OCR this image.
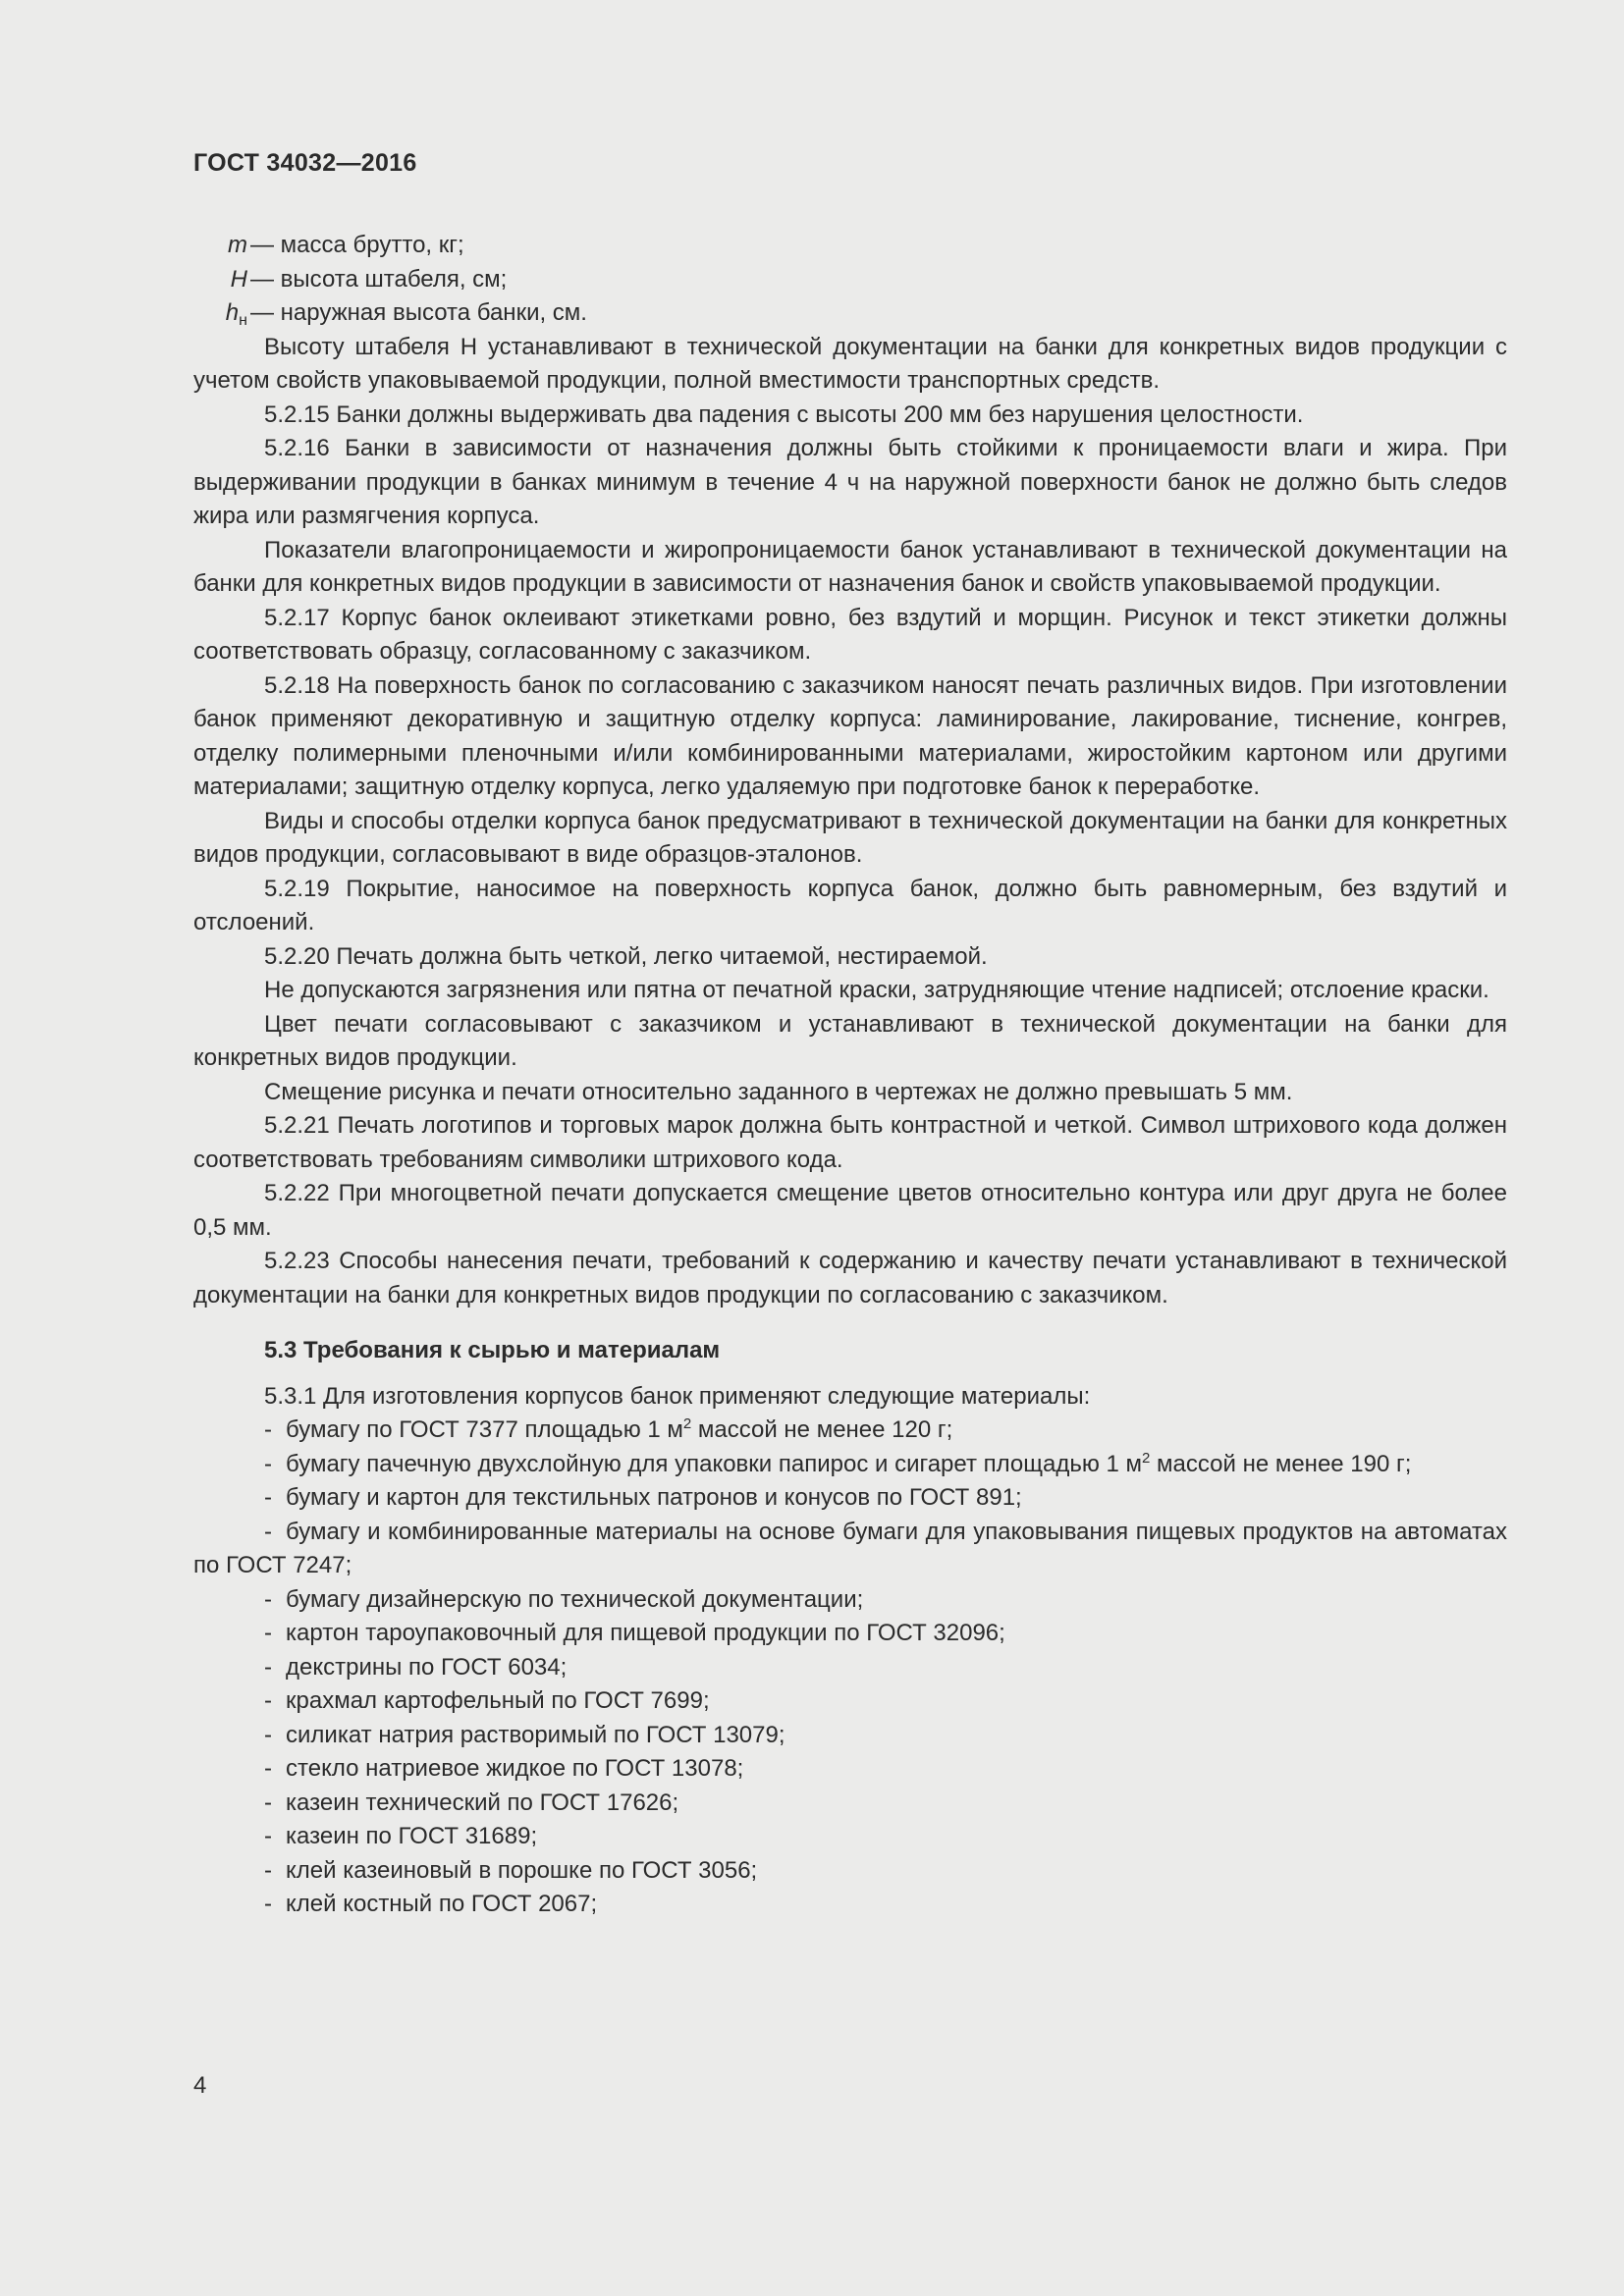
ГОСТ 34032—2016
m — масса брутто, кг;
H — высота штабеля, см;
$h_н$ — наружная высота банки, см.

Высоту штабеля H устанавливают в технической документации на банки для конкретных видов продукции с учетом свойств упаковываемой продукции, полной вместимости транспортных средств.

5.2.15 Банки должны выдерживать два падения с высоты 200 мм без нарушения целостности.

5.2.16 Банки в зависимости от назначения должны быть стойкими к проницаемости влаги и жира. При выдерживании продукции в банках минимум в течение 4 ч на наружной поверхности банок не должно быть следов жира или размягчения корпуса.

Показатели влагопроницаемости и жиропроницаемости банок устанавливают в технической документации на банки для конкретных видов продукции в зависимости от назначения банок и свойств упаковываемой продукции.

5.2.17 Корпус банок оклеивают этикетками ровно, без вздутий и морщин. Рисунок и текст этикетки должны соответствовать образцу, согласованному с заказчиком.

5.2.18 На поверхность банок по согласованию с заказчиком наносят печать различных видов. При изготовлении банок применяют декоративную и защитную отделку корпуса: ламинирование, лакирование, тиснение, конгрев, отделку полимерными пленочными и/или комбинированными материалами, жиростойким картоном или другими материалами; защитную отделку корпуса, легко удаляемую при подготовке банок к переработке.

Виды и способы отделки корпуса банок предусматривают в технической документации на банки для конкретных видов продукции, согласовывают в виде образцов-эталонов.

5.2.19 Покрытие, наносимое на поверхность корпуса банок, должно быть равномерным, без вздутий и отслоений.

5.2.20 Печать должна быть четкой, легко читаемой, нестираемой.

Не допускаются загрязнения или пятна от печатной краски, затрудняющие чтение надписей; отслоение краски.

Цвет печати согласовывают с заказчиком и устанавливают в технической документации на банки для конкретных видов продукции.

Смещение рисунка и печати относительно заданного в чертежах не должно превышать 5 мм.

5.2.21 Печать логотипов и торговых марок должна быть контрастной и четкой. Символ штрихового кода должен соответствовать требованиям символики штрихового кода.

5.2.22 При многоцветной печати допускается смещение цветов относительно контура или друг друга не более 0,5 мм.

5.2.23 Способы нанесения печати, требований к содержанию и качеству печати устанавливают в технической документации на банки для конкретных видов продукции по согласованию с заказчиком.

5.3 Требования к сырью и материалам

5.3.1 Для изготовления корпусов банок применяют следующие материалы:

- бумагу по ГОСТ 7377 площадью 1 $м^2$ массой не менее 120 г;

- бумагу пачечную двухслойную для упаковки папирос и сигарет площадью 1 $м^2$ массой не менее 190 г;

- бумагу и картон для текстильных патронов и конусов по ГОСТ 891;

- бумагу и комбинированные материалы на основе бумаги для упаковывания пищевых продуктов на автоматах по ГОСТ 7247;

- бумагу дизайнерскую по технической документации;

- картон тароупаковочный для пищевой продукции по ГОСТ 32096;

- декстрины по ГОСТ 6034;

- крахмал картофельный по ГОСТ 7699;

- силикат натрия растворимый по ГОСТ 13079;

- стекло натриевое жидкое по ГОСТ 13078;

- казеин технический по ГОСТ 17626;

- казеин по ГОСТ 31689;

- клей казеиновый в порошке по ГОСТ 3056;

- клей костный по ГОСТ 2067;

4
